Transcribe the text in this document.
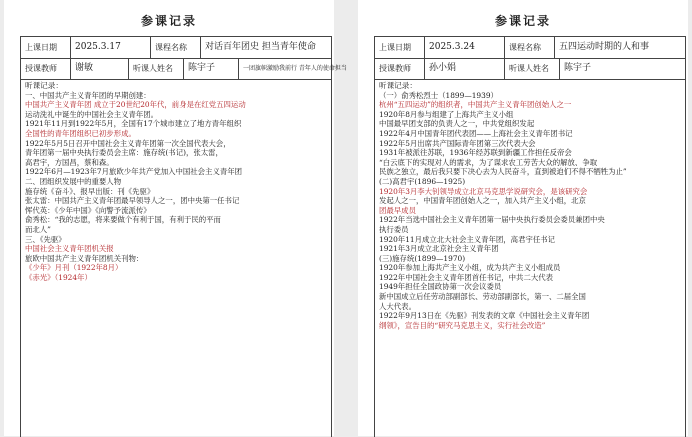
参课记录
上课日期	2025.3.17	课程名称	对话百年团史 担当青年使命
授课教师	谢敏	听课人姓名	陈宇子	一团旗帜激励我前行 青年人的使命担当
听课记录：
一、中国共产主义青年团的早期创建：
中国共产主义青年团 成立于20世纪20年代，前身是在红党五四运动
运动洗礼中诞生的中国社会主义青年团。
1921年11月到1922年5月，全国有17个城市建立了地方青年组织
全国性的青年团组织已初步形成。
1922年5月5日召开中国社会主义青年团第一次全国代表大会，
青年团第一届中央执行委员会主席：施存统(书记)，张太雷，
高君宇，方国昌，蔡和森。
1922年6月—1923年7月旅欧少年共产党加入中国社会主义青年团
二、团组织发展中的重要人物
施存统《奋斗》、报早出版：刊《先驱》
张太雷：中国共产主义青年团最早领导人之一，团中央第一任书记
恽代英：《少年中国》《向警予流派传》
俞秀松：“我的志愿，将来要做个有利于国，有利于民的平而
而北人”
三、《先驱》
中国社会主义青年团机关报
旅欧中国共产主义青年团机关刊物：
《少年》月刊（1922年8月）
《赤光》（1924年）
参课记录
上课日期	2025.3.24	课程名称	五四运动时期的人和事
授课教师	孙小娟	听课人姓名	陈宇子
听课记录：
（一）俞秀松烈士（1899—1939）
杭州“五四运动”的组织者，中国共产主义青年团创始人之一
1920年8月参与组建了上海共产主义小组
中国最早团支部的负责人之一，中共党组织发起
1922年4月中国青年团代表团——上海社会主义青年团书记
1922年5月出席共产国际青年团第三次代表大会
1931年被派往苏联，1936年经苏联到新疆工作担任反帝会
“白云底下的实现对人的需求，为了谋求农工劳苦大众的解放、争取
民族之独立，最后我只要下决心去为人民奋斗，直到被迫们不得不牺牲为止”
(二)高君宇(1896—1925)
1920年3月李大钊领导成立北京马克思学说研究会，是该研究会
发起人之一，中国青年团创始人之一，加入共产主义小组，北京
团最早成员
1922年当选中国社会主义青年团第一届中央执行委员会委员兼团中央
执行委员
1920年11月成立北大社会主义青年团，高君宇任书记
1921年3月成立北京社会主义青年团
(三)施存统(1899—1970)
1920年参加上海共产主义小组，成为共产主义小组成员
1922年中国社会主义青年团首任书记，中共二大代表
1949年担任全国政协第一次会议委员
新中国成立后任劳动部副部长、劳动部副部长，第一、二届全国
人大代表。
1922年9月13日在《先驱》刊发表的文章《中国社会主义青年团
纲领》，宣告目的“研究马克思主义，实行社会改造”
